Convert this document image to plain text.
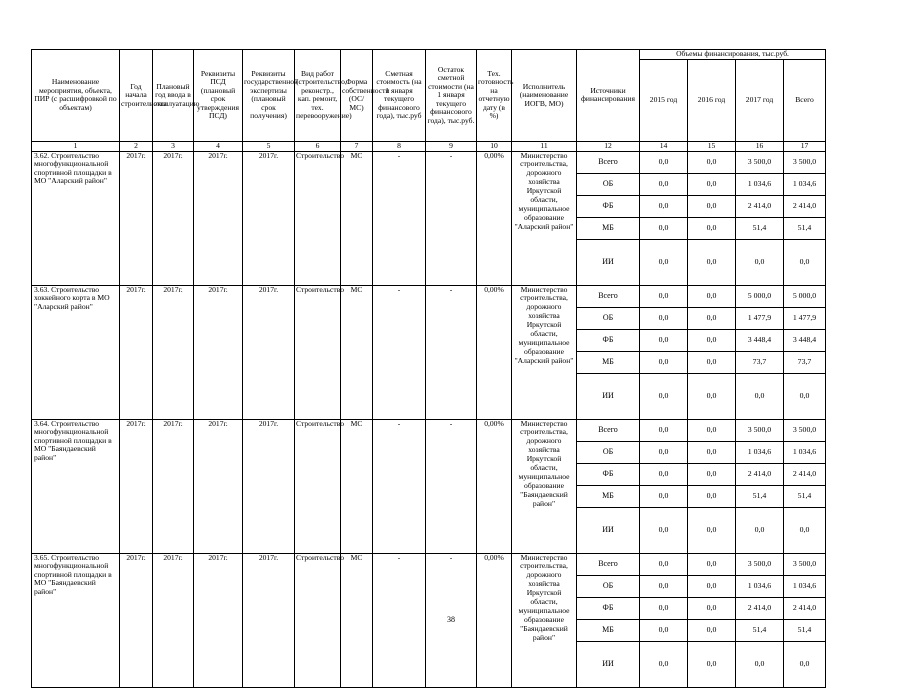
Наименование мероприятия, объекта, ПИР (с расшифровкой по объектам)	Год начала строительства	Плановый год ввода в эксплуатацию	Реквизиты ПСД (плановый срок утверждения ПСД)	Реквизиты государственной экспертизы (плановый срок получения)	Вид работ (строительство, реконстр., кап. ремонт, тех. перевооружение)	Форма собственности (ОС/МС)	Сметная стоимость (на 1 января текущего финансового года), тыс.руб	Остаток сметной стоимости (на 1 января текущего финансового года), тыс.руб.	Тех. готовность на отчетную дату (в %)	Исполнитель (наименование ИОГВ, МО)	Источники финансирования	Объемы финансирования, тыс.руб.			
												2015 год	2016 год	2017 год	Всего
1	2	3	4	5	6	7	8	9	10	11	12	14	15	16	17
3.62. Строительство многофункциональной спортивной площадки в МО "Аларский район"	2017г.	2017г.	2017г.	2017г.	Строительство	МС	-	-	0,00%	Министерство строительства, дорожного хозяйства Иркутской области, муниципальное образование "Аларский район"	Всего	0,0	0,0	3 500,0	3 500,0
											ОБ	0,0	0,0	1 034,6	1 034,6
											ФБ	0,0	0,0	2 414,0	2 414,0
											МБ	0,0	0,0	51,4	51,4
											ИИ	0,0	0,0	0,0	0,0
3.63. Строительство хоккейного корта в МО "Аларский район"	2017г.	2017г.	2017г.	2017г.	Строительство	МС	-	-	0,00%	Министерство строительства, дорожного хозяйства Иркутской области, муниципальное образование "Аларский район"	Всего	0,0	0,0	5 000,0	5 000,0
											ОБ	0,0	0,0	1 477,9	1 477,9
											ФБ	0,0	0,0	3 448,4	3 448,4
											МБ	0,0	0,0	73,7	73,7
											ИИ	0,0	0,0	0,0	0,0
3.64. Строительство многофункциональной спортивной площадки в МО "Баяндаевский район"	2017г.	2017г.	2017г.	2017г.	Строительство	МС	-	-	0,00%	Министерство строительства, дорожного хозяйства Иркутской области, муниципальное образование "Баяндаевский район"	Всего	0,0	0,0	3 500,0	3 500,0
											ОБ	0,0	0,0	1 034,6	1 034,6
											ФБ	0,0	0,0	2 414,0	2 414,0
											МБ	0,0	0,0	51,4	51,4
											ИИ	0,0	0,0	0,0	0,0
3.65. Строительство многофункциональной спортивной площадки в МО "Баяндаевский район"	2017г.	2017г.	2017г.	2017г.	Строительство	МС	-	-	0,00%	Министерство строительства, дорожного хозяйства Иркутской области, муниципальное образование "Баяндаевский район"	Всего	0,0	0,0	3 500,0	3 500,0
											ОБ	0,0	0,0	1 034,6	1 034,6
											ФБ	0,0	0,0	2 414,0	2 414,0
											МБ	0,0	0,0	51,4	51,4
											ИИ	0,0	0,0	0,0	0,0
38
